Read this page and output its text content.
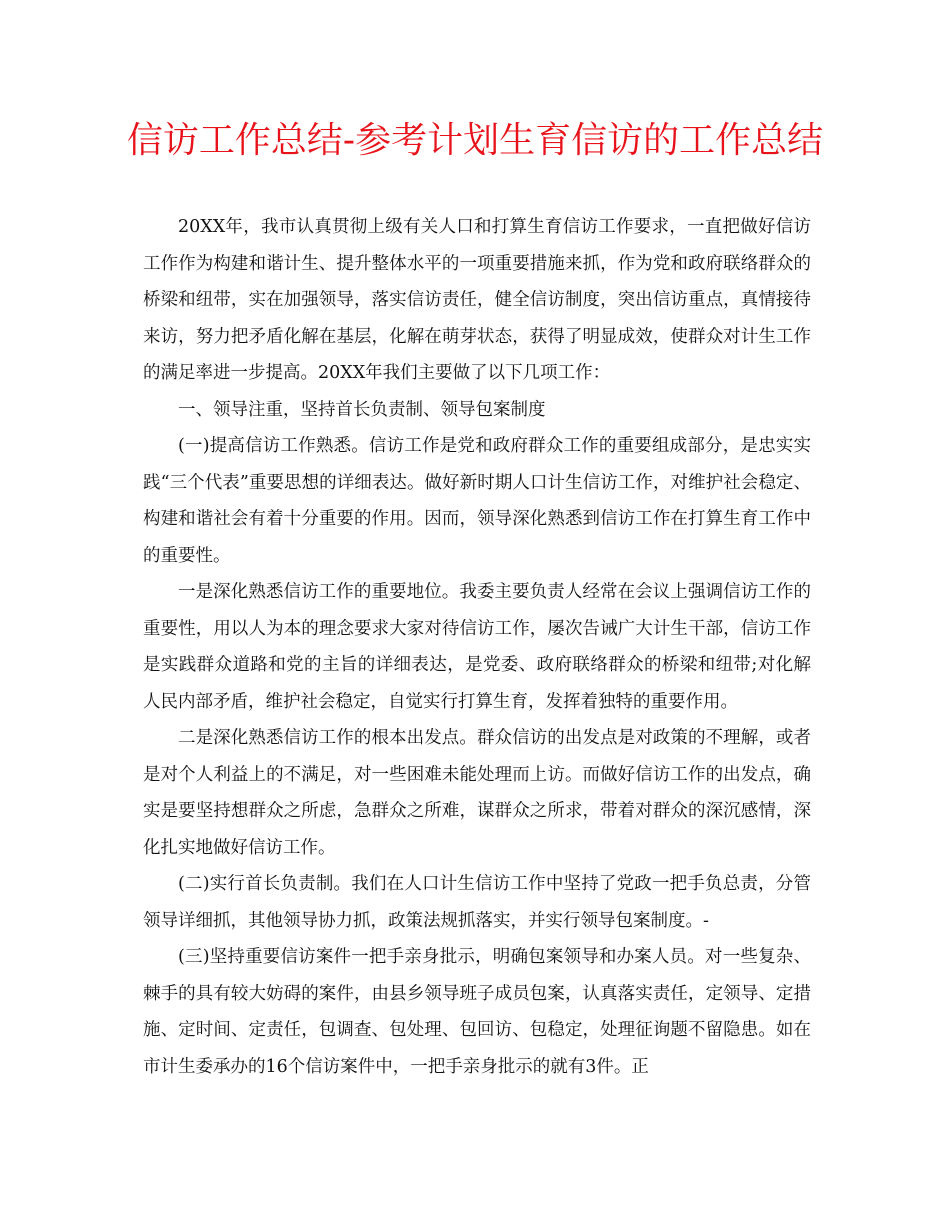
信访工作总结-参考计划生育信访的工作总结

20XX年，我市认真贯彻上级有关人口和打算生育信访工作要求，一直把做好信访工作作为构建和谐计生、提升整体水平的一项重要措施来抓，作为党和政府联络群众的桥梁和纽带，实在加强领导，落实信访责任，健全信访制度，突出信访重点，真情接待来访，努力把矛盾化解在基层，化解在萌芽状态，获得了明显成效，使群众对计生工作的满足率进一步提高。20XX年我们主要做了以下几项工作：

一、领导注重，坚持首长负责制、领导包案制度

(一)提高信访工作熟悉。信访工作是党和政府群众工作的重要组成部分，是忠实实践“三个代表”重要思想的详细表达。做好新时期人口计生信访工作，对维护社会稳定、构建和谐社会有着十分重要的作用。因而，领导深化熟悉到信访工作在打算生育工作中的重要性。

一是深化熟悉信访工作的重要地位。我委主要负责人经常在会议上强调信访工作的重要性，用以人为本的理念要求大家对待信访工作，屡次告诫广大计生干部，信访工作是实践群众道路和党的主旨的详细表达，是党委、政府联络群众的桥梁和纽带;对化解人民内部矛盾，维护社会稳定，自觉实行打算生育，发挥着独特的重要作用。

二是深化熟悉信访工作的根本出发点。群众信访的出发点是对政策的不理解，或者是对个人利益上的不满足，对一些困难未能处理而上访。而做好信访工作的出发点，确实是要坚持想群众之所虑，急群众之所难，谋群众之所求，带着对群众的深沉感情，深化扎实地做好信访工作。

(二)实行首长负责制。我们在人口计生信访工作中坚持了党政一把手负总责，分管领导详细抓，其他领导协力抓，政策法规抓落实，并实行领导包案制度。-

(三)坚持重要信访案件一把手亲身批示，明确包案领导和办案人员。对一些复杂、棘手的具有较大妨碍的案件，由县乡领导班子成员包案，认真落实责任，定领导、定措施、定时间、定责任，包调查、包处理、包回访、包稳定，处理征询题不留隐患。如在市计生委承办的16个信访案件中，一把手亲身批示的就有3件。正
